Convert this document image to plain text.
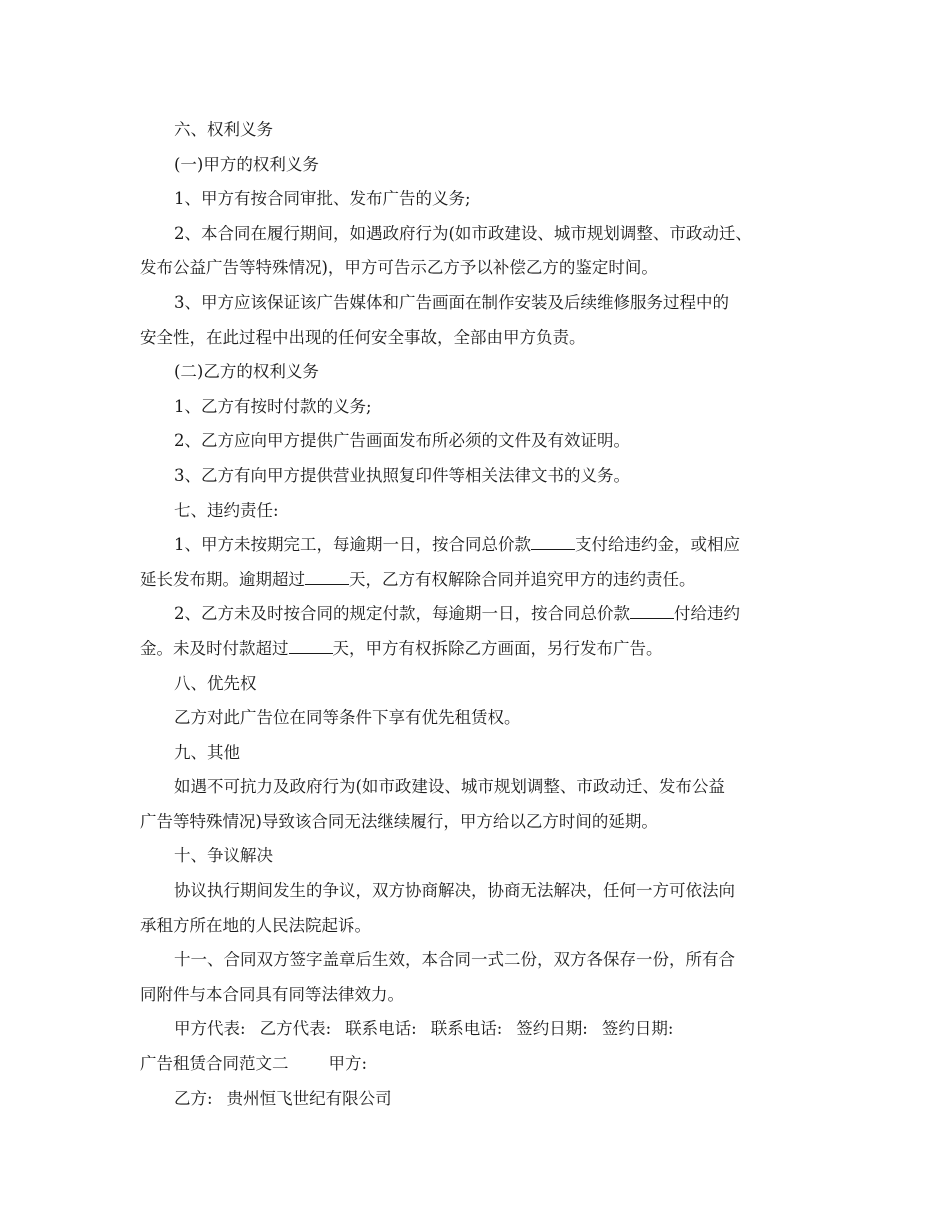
六、权利义务
(一)甲方的权利义务
1、甲方有按合同审批、发布广告的义务;
2、本合同在履行期间，如遇政府行为(如市政建设、城市规划调整、市政动迁、
发布公益广告等特殊情况)，甲方可告示乙方予以补偿乙方的鉴定时间。
3、甲方应该保证该广告媒体和广告画面在制作安装及后续维修服务过程中的
安全性，在此过程中出现的任何安全事故，全部由甲方负责。
(二)乙方的权利义务
1、乙方有按时付款的义务;
2、乙方应向甲方提供广告画面发布所必须的文件及有效证明。
3、乙方有向甲方提供营业执照复印件等相关法律文书的义务。
七、违约责任:
1、甲方未按期完工，每逾期一日，按合同总价款	支付给违约金，或相应
延长发布期。逾期超过	天，乙方有权解除合同并追究甲方的违约责任。
2、乙方未及时按合同的规定付款，每逾期一日，按合同总价款	付给违约
金。未及时付款超过	天，甲方有权拆除乙方画面，另行发布广告。
八、优先权
乙方对此广告位在同等条件下享有优先租赁权。
九、其他
如遇不可抗力及政府行为(如市政建设、城市规划调整、市政动迁、发布公益
广告等特殊情况)导致该合同无法继续履行，甲方给以乙方时间的延期。
十、争议解决
协议执行期间发生的争议，双方协商解决，协商无法解决，任何一方可依法向
承租方所在地的人民法院起诉。
十一、合同双方签字盖章后生效，本合同一式二份，双方各保存一份，所有合
同附件与本合同具有同等法律效力。
甲方代表: 乙方代表: 联系电话: 联系电话: 签约日期: 签约日期:
广告租赁合同范文二 甲方:
乙方: 贵州恒飞世纪有限公司
